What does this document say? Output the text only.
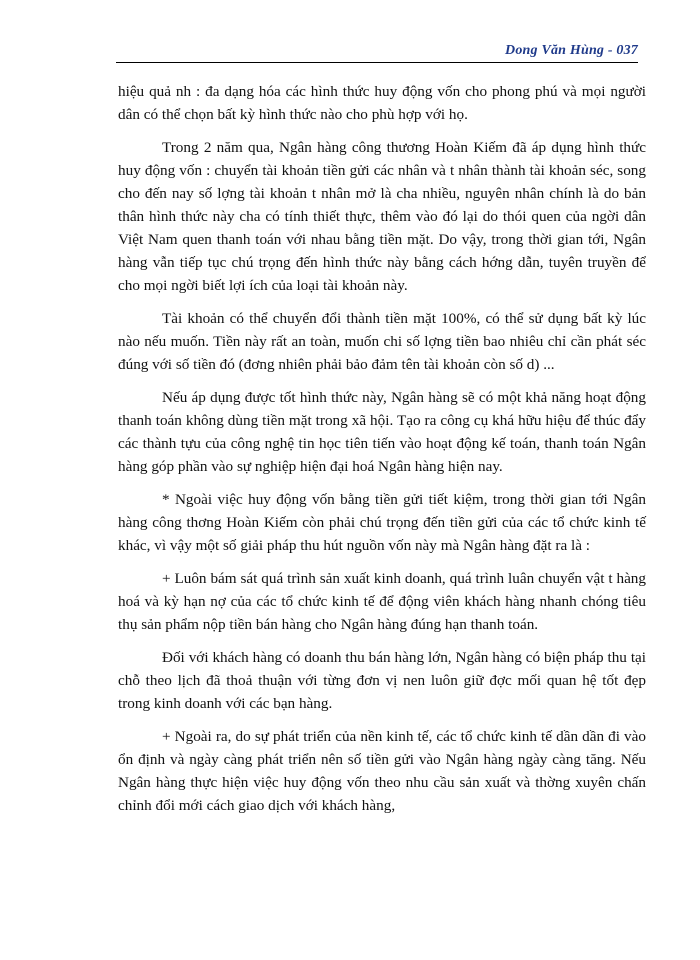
Dong Văn Hùng - 037

hiệu quả nh : đa dạng hóa các hình thức huy động vốn cho phong phú và mọi người dân có thể chọn bất kỳ hình thức nào cho phù hợp với họ.

Trong 2 năm qua, Ngân hàng công thương Hoàn Kiếm đã áp dụng hình thức huy động vốn : chuyển tài khoản tiền gửi các nhân và t nhân thành tài khoản séc, song cho đến nay số lợng tài khoản t nhân mở là cha nhiều, nguyên nhân chính là do bản thân hình thức này cha có tính thiết thực, thêm vào đó lại do thói quen của ngời dân Việt Nam quen thanh toán với nhau bằng tiền mặt. Do vậy, trong thời gian tới, Ngân hàng vẫn tiếp tục chú trọng đến hình thức này bằng cách hớng dẫn, tuyên truyền để cho mọi ngời biết lợi ích của loại tài khoản này.

Tài khoản có thể chuyển đổi thành tiền mặt 100%, có thể sử dụng bất kỳ lúc nào nếu muốn. Tiền này rất an toàn, muốn chi số lợng tiền bao nhiêu chỉ cần phát séc đúng với số tiền đó (đơng nhiên phải bảo đảm tên tài khoản còn số d) ...

Nếu áp dụng được tốt hình thức này, Ngân hàng sẽ có một khả năng hoạt động thanh toán không dùng tiền mặt trong xã hội. Tạo ra công cụ khá hữu hiệu để thúc đẩy các thành tựu của công nghệ tin học tiên tiến vào hoạt động kế toán, thanh toán Ngân hàng góp phần vào sự nghiệp hiện đại hoá Ngân hàng hiện nay.

* Ngoài việc huy động vốn bằng tiền gửi tiết kiệm, trong thời gian tới Ngân hàng công thơng Hoàn Kiếm còn phải chú trọng đến tiền gửi của các tổ chức kinh tế khác, vì vậy một số giải pháp thu hút nguồn vốn này mà Ngân hàng đặt ra là :

+ Luôn bám sát quá trình sản xuất kinh doanh, quá trình luân chuyển vật t hàng hoá và kỳ hạn nợ của các tổ chức kinh tế để động viên khách hàng nhanh chóng tiêu thụ sản phẩm nộp tiền bán hàng cho Ngân hàng đúng hạn thanh toán.

Đối với khách hàng có doanh thu bán hàng lớn, Ngân hàng có biện pháp thu tại chỗ theo lịch đã thoả thuận với từng đơn vị nen luôn giữ đợc mối quan hệ tốt đẹp trong kinh doanh với các bạn hàng.

+ Ngoài ra, do sự phát triển của nền kinh tế, các tổ chức kinh tế dần dần đi vào ổn định và ngày càng phát triển nên số tiền gửi vào Ngân hàng ngày càng tăng. Nếu Ngân hàng thực hiện việc huy động vốn theo nhu cầu sản xuất và thờng xuyên chấn chỉnh đổi mới cách giao dịch với khách hàng,
